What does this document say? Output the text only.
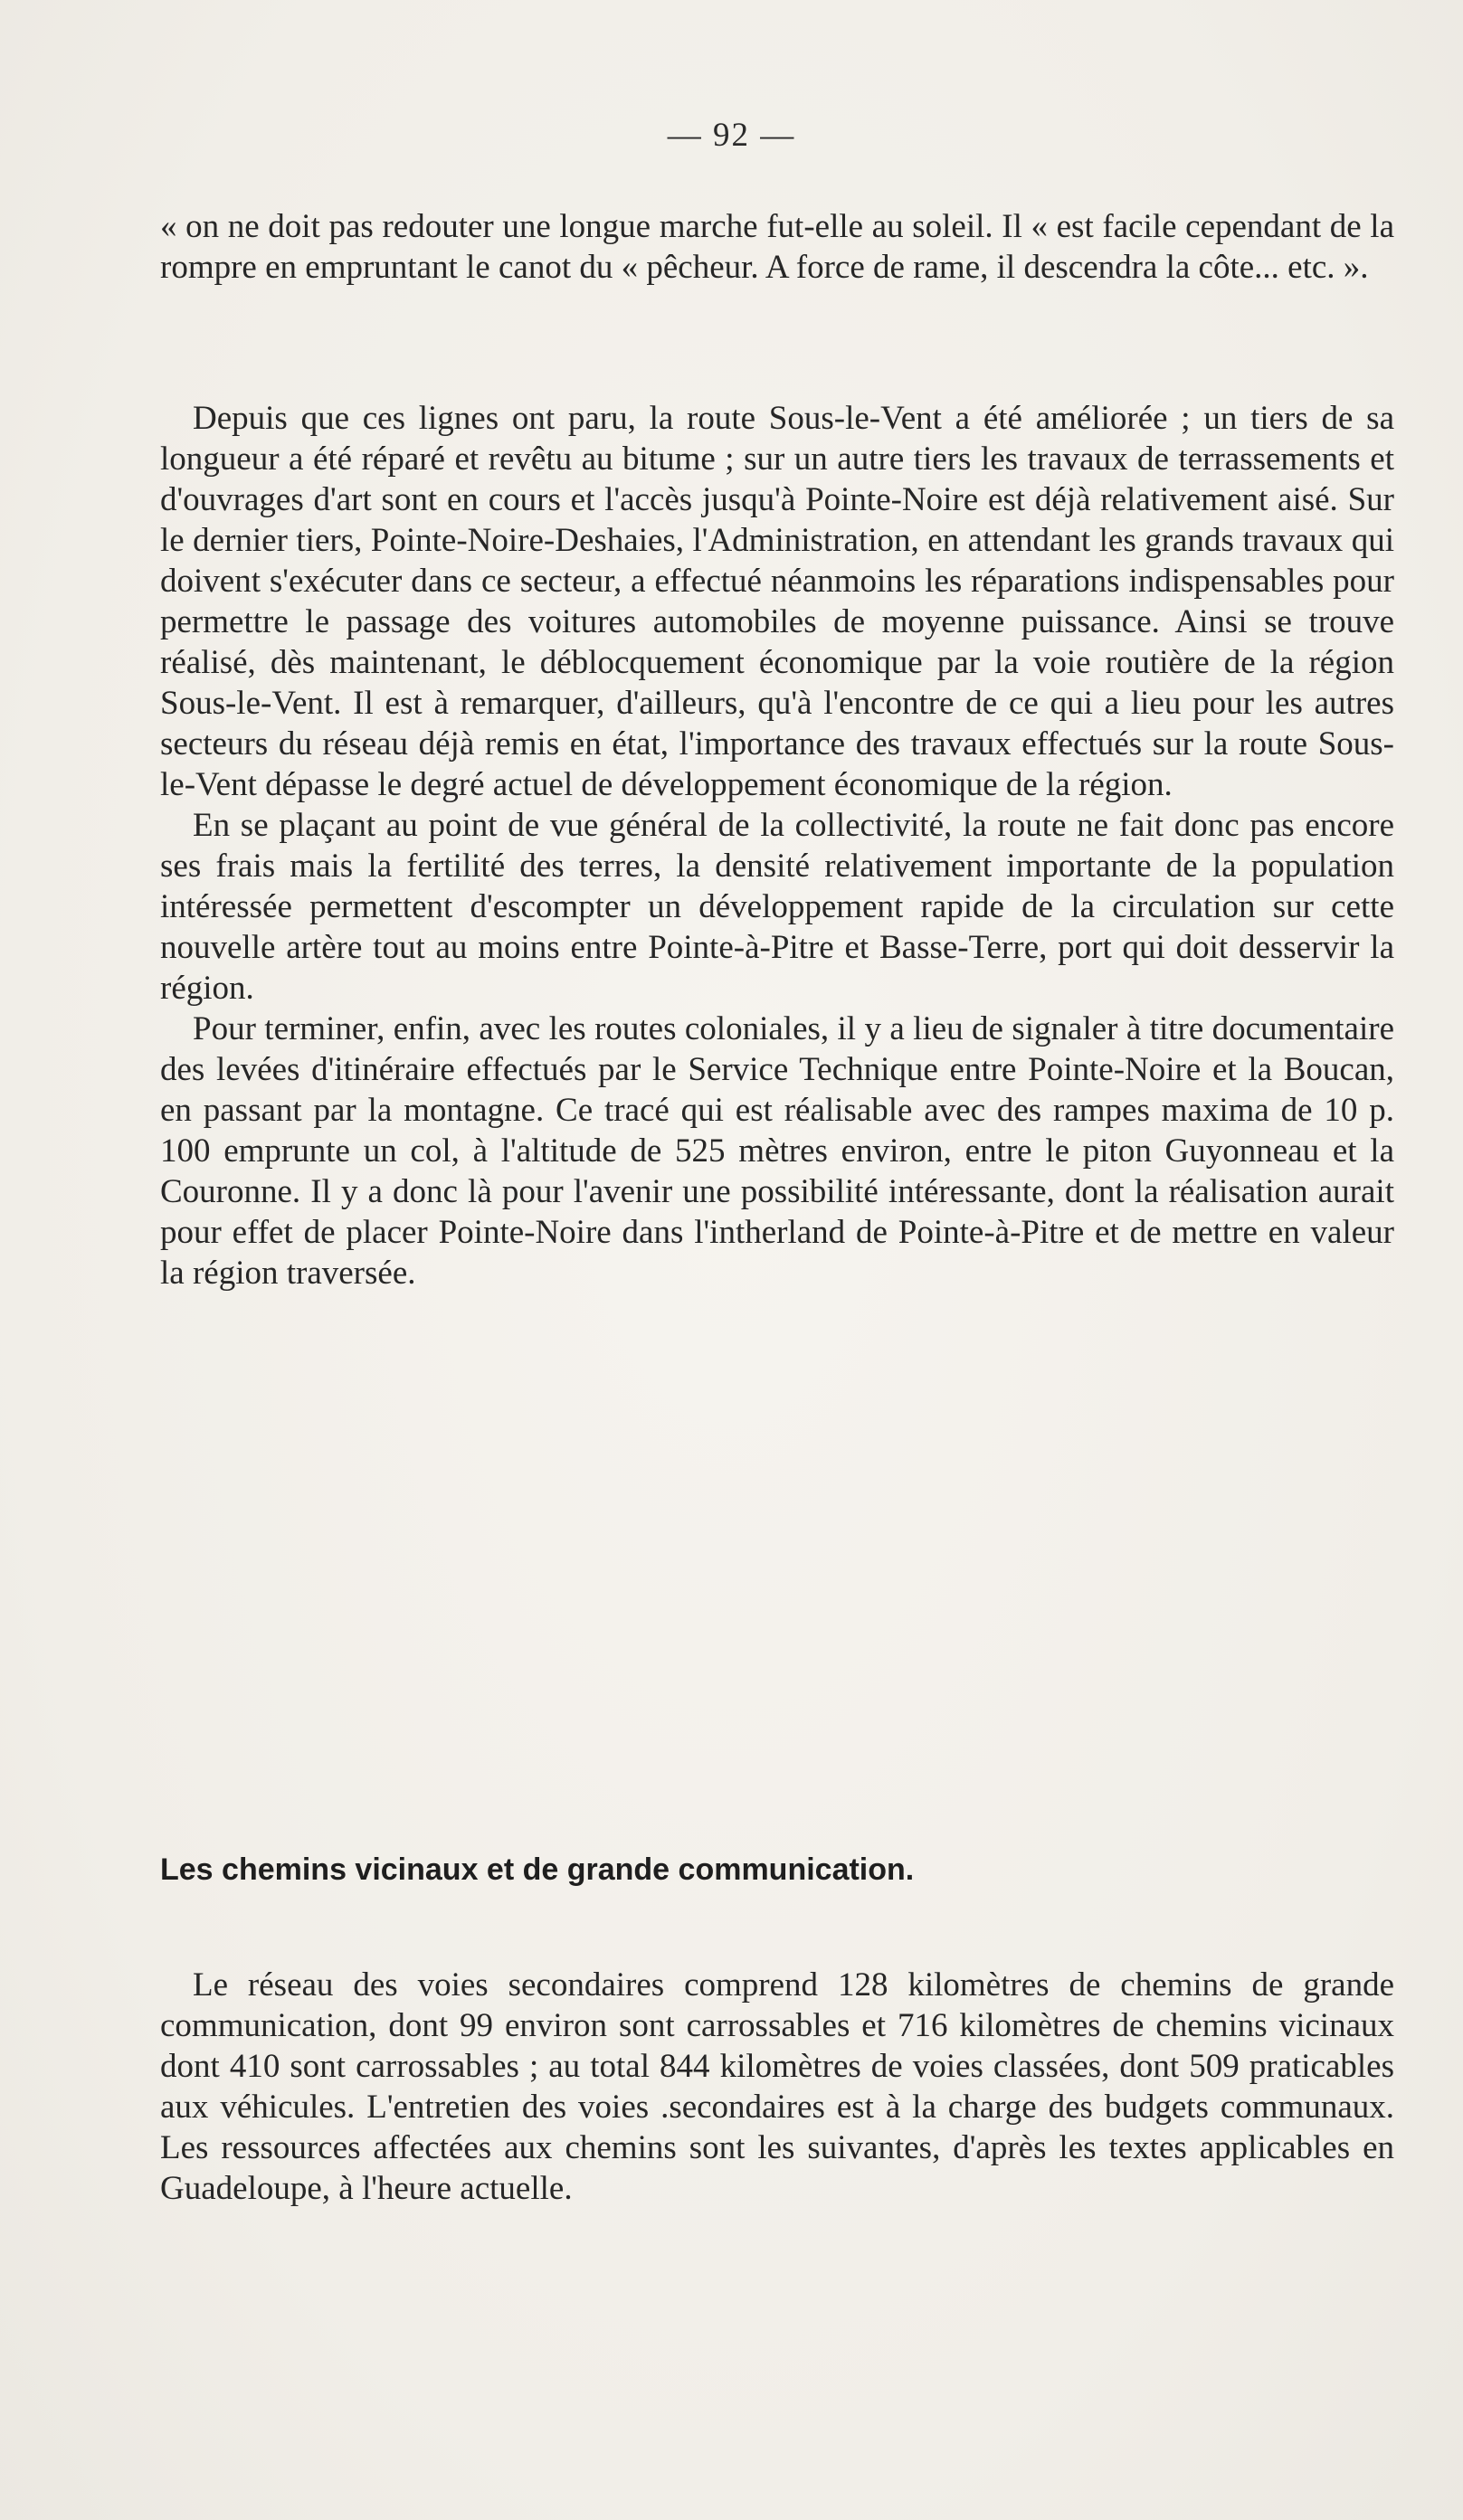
— 92 —

« on ne doit pas redouter une longue marche fut-elle au soleil. Il « est facile cependant de la rompre en empruntant le canot du « pêcheur. A force de rame, il descendra la côte... etc. ».

Depuis que ces lignes ont paru, la route Sous-le-Vent a été améliorée ; un tiers de sa longueur a été réparé et revêtu au bitume ; sur un autre tiers les travaux de terrassements et d'ouvrages d'art sont en cours et l'accès jusqu'à Pointe-Noire est déjà relativement aisé. Sur le dernier tiers, Pointe-Noire-Deshaies, l'Administration, en attendant les grands travaux qui doivent s'exécuter dans ce secteur, a effectué néanmoins les réparations indispensables pour permettre le passage des voitures automobiles de moyenne puissance. Ainsi se trouve réalisé, dès maintenant, le déblocquement économique par la voie routière de la région Sous-le-Vent. Il est à remarquer, d'ailleurs, qu'à l'encontre de ce qui a lieu pour les autres secteurs du réseau déjà remis en état, l'importance des travaux effectués sur la route Sous-le-Vent dépasse le degré actuel de développement économique de la région.

En se plaçant au point de vue général de la collectivité, la route ne fait donc pas encore ses frais mais la fertilité des terres, la densité relativement importante de la population intéressée permettent d'escompter un développement rapide de la circulation sur cette nouvelle artère tout au moins entre Pointe-à-Pitre et Basse-Terre, port qui doit desservir la région.

Pour terminer, enfin, avec les routes coloniales, il y a lieu de signaler à titre documentaire des levées d'itinéraire effectués par le Service Technique entre Pointe-Noire et la Boucan, en passant par la montagne. Ce tracé qui est réalisable avec des rampes maxima de 10 p. 100 emprunte un col, à l'altitude de 525 mètres environ, entre le piton Guyonneau et la Couronne. Il y a donc là pour l'avenir une possibilité intéressante, dont la réalisation aurait pour effet de placer Pointe-Noire dans l'intherland de Pointe-à-Pitre et de mettre en valeur la région traversée.

Les chemins vicinaux et de grande communication.

Le réseau des voies secondaires comprend 128 kilomètres de chemins de grande communication, dont 99 environ sont carrossables et 716 kilomètres de chemins vicinaux dont 410 sont carrossables ; au total 844 kilomètres de voies classées, dont 509 praticables aux véhicules. L'entretien des voies .secondaires est à la charge des budgets communaux. Les ressources affectées aux chemins sont les suivantes, d'après les textes applicables en Guadeloupe, à l'heure actuelle.
